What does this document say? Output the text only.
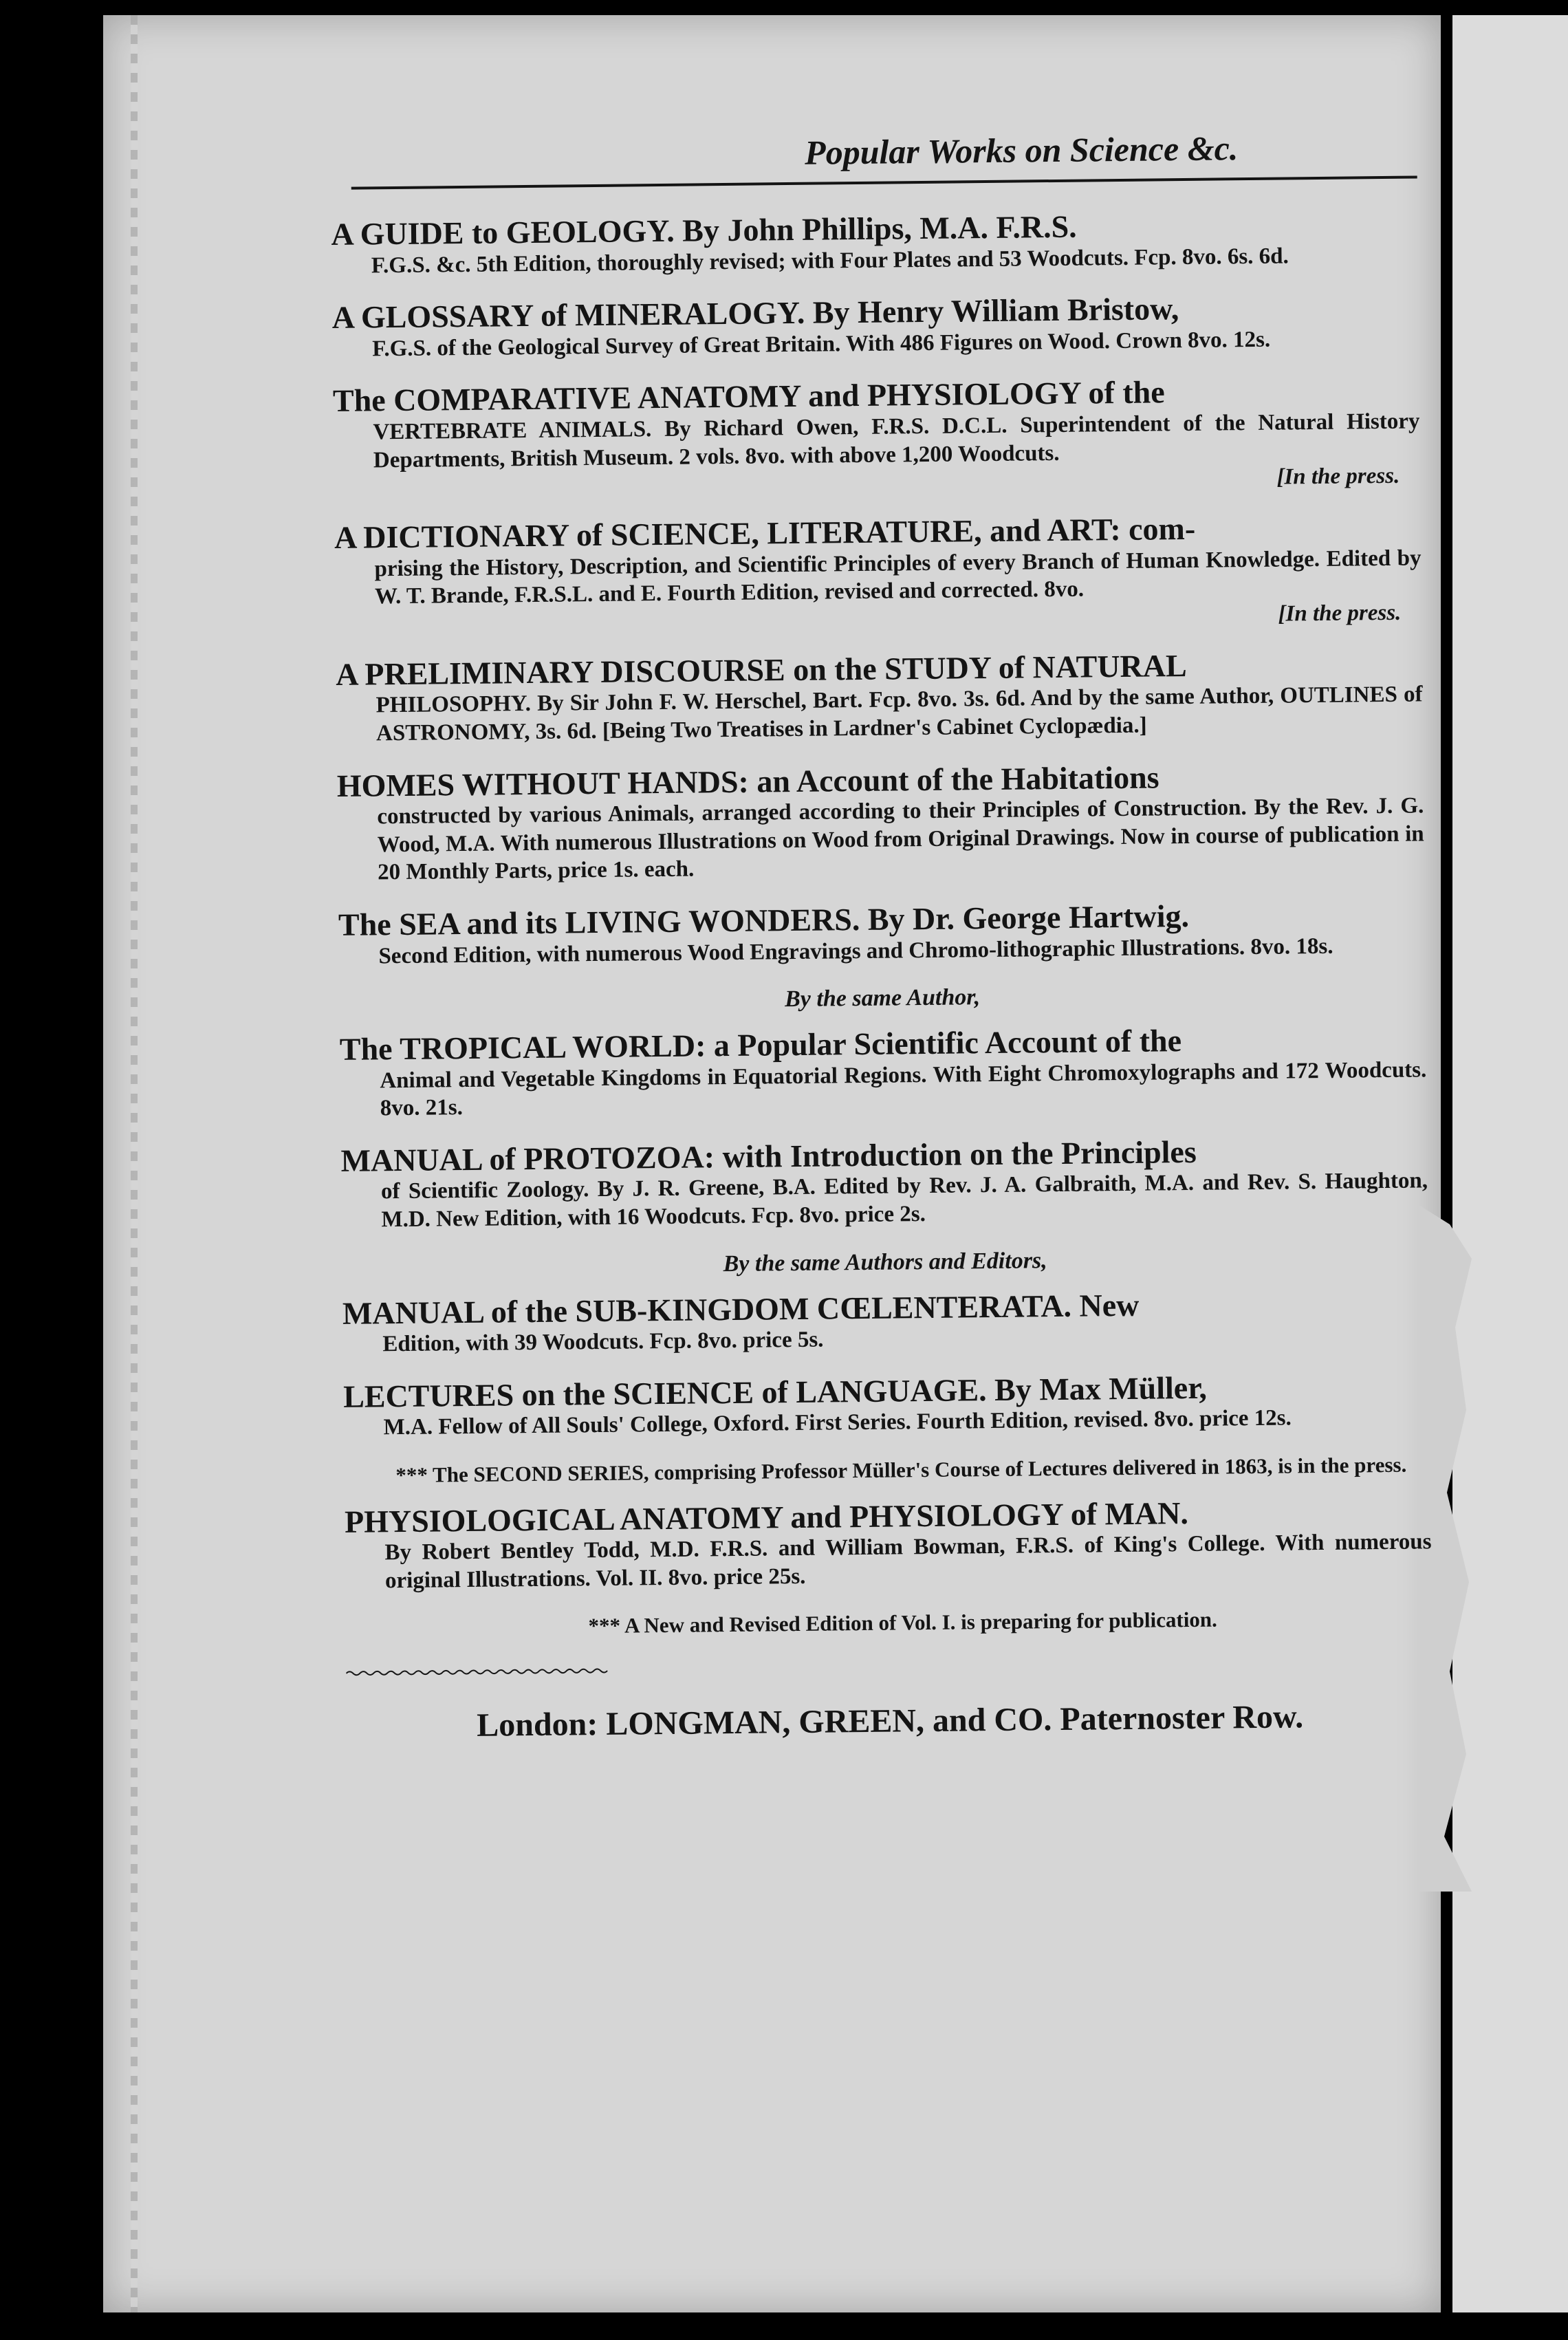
Popular Works on Science &c.
A GUIDE to GEOLOGY. By John Phillips, M.A. F.R.S.
F.G.S. &c. 5th Edition, thoroughly revised; with Four Plates and 53 Woodcuts. Fcp. 8vo. 6s. 6d.
A GLOSSARY of MINERALOGY. By Henry William Bristow,
F.G.S. of the Geological Survey of Great Britain. With 486 Figures on Wood. Crown 8vo. 12s.
The COMPARATIVE ANATOMY and PHYSIOLOGY of the
VERTEBRATE ANIMALS. By Richard Owen, F.R.S. D.C.L. Superintendent of the Natural History Departments, British Museum. 2 vols. 8vo. with above 1,200 Woodcuts.
[In the press.
A DICTIONARY of SCIENCE, LITERATURE, and ART: com-
prising the History, Description, and Scientific Principles of every Branch of Human Knowledge. Edited by W. T. Brande, F.R.S.L. and E. Fourth Edition, revised and corrected. 8vo.
[In the press.
A PRELIMINARY DISCOURSE on the STUDY of NATURAL
PHILOSOPHY. By Sir John F. W. Herschel, Bart. Fcp. 8vo. 3s. 6d. And by the same Author, OUTLINES of ASTRONOMY, 3s. 6d. [Being Two Treatises in Lardner's Cabinet Cyclopædia.]
HOMES WITHOUT HANDS: an Account of the Habitations
constructed by various Animals, arranged according to their Principles of Construction. By the Rev. J. G. Wood, M.A. With numerous Illustrations on Wood from Original Drawings. Now in course of publication in 20 Monthly Parts, price 1s. each.
The SEA and its LIVING WONDERS. By Dr. George Hartwig.
Second Edition, with numerous Wood Engravings and Chromo-lithographic Illustrations. 8vo. 18s.
By the same Author,
The TROPICAL WORLD: a Popular Scientific Account of the
Animal and Vegetable Kingdoms in Equatorial Regions. With Eight Chromoxylographs and 172 Woodcuts. 8vo. 21s.
MANUAL of PROTOZOA: with Introduction on the Principles
of Scientific Zoology. By J. R. Greene, B.A. Edited by Rev. J. A. Galbraith, M.A. and Rev. S. Haughton, M.D. New Edition, with 16 Woodcuts. Fcp. 8vo. price 2s.
By the same Authors and Editors,
MANUAL of the SUB-KINGDOM CŒLENTERATA. New
Edition, with 39 Woodcuts. Fcp. 8vo. price 5s.
LECTURES on the SCIENCE of LANGUAGE. By Max Müller,
M.A. Fellow of All Souls' College, Oxford. First Series. Fourth Edition, revised. 8vo. price 12s.
*** The SECOND SERIES, comprising Professor Müller's Course of Lectures delivered in 1863, is in the press.
PHYSIOLOGICAL ANATOMY and PHYSIOLOGY of MAN.
By Robert Bentley Todd, M.D. F.R.S. and William Bowman, F.R.S. of King's College. With numerous original Illustrations. Vol. II. 8vo. price 25s.
*** A New and Revised Edition of Vol. I. is preparing for publication.
London: LONGMAN, GREEN, and CO. Paternoster Row.
